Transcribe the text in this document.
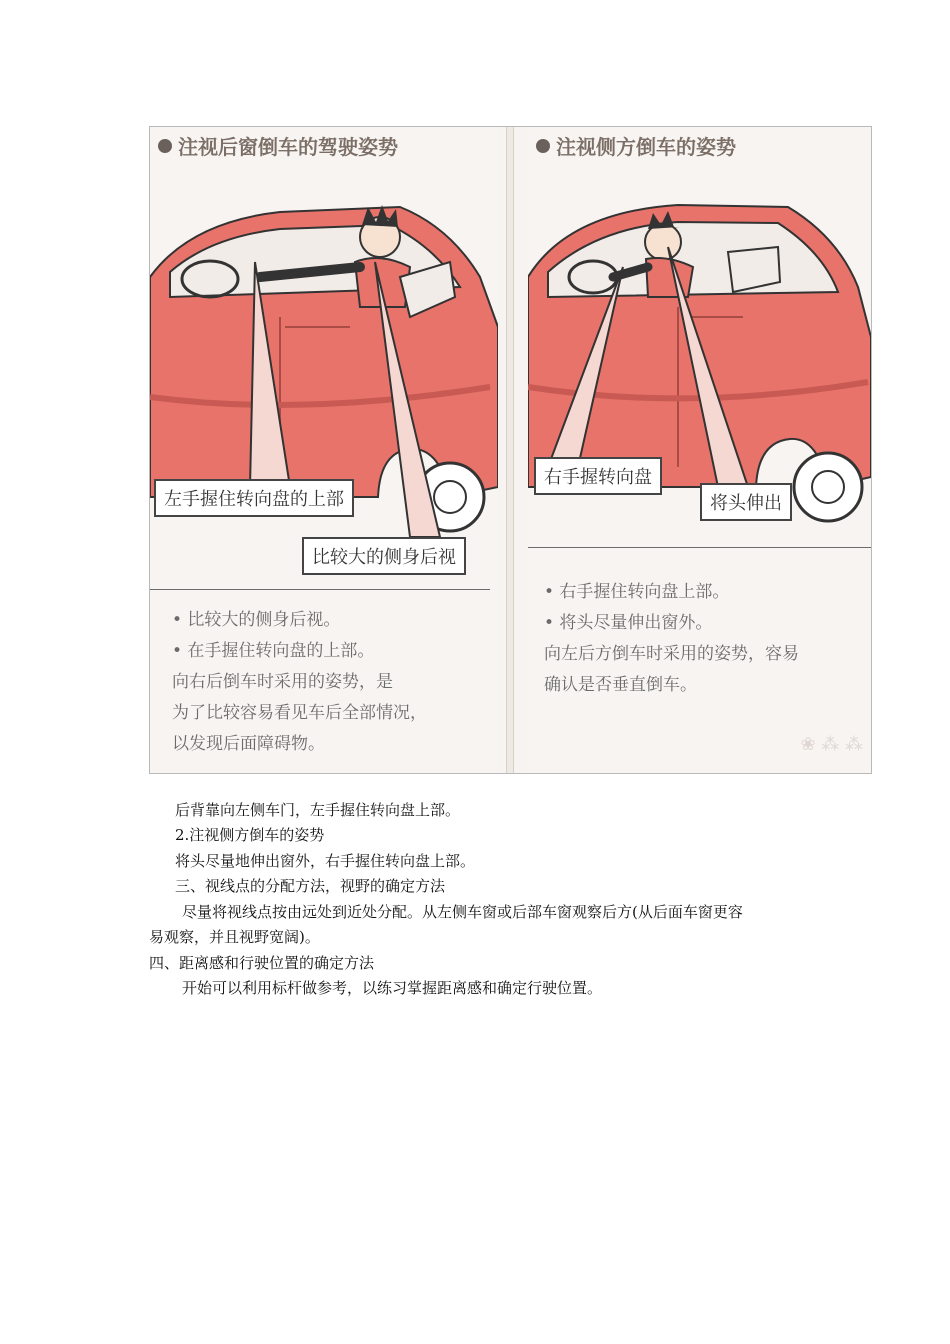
注视后窗倒车的驾驶姿势
左手握住转向盘的上部
比较大的侧身后视
• 比较大的侧身后视。
• 在手握住转向盘的上部。
向右后倒车时采用的姿势，是
为了比较容易看见车后全部情况，
以发现后面障碍物。
注视侧方倒车的姿势
右手握转向盘
将头伸出
• 右手握住转向盘上部。
• 将头尽量伸出窗外。
向左后方倒车时采用的姿势，容易
确认是否垂直倒车。
❀ ⁂ ⁂
后背靠向左侧车门，左手握住转向盘上部。
2.注视侧方倒车的姿势
将头尽量地伸出窗外，右手握住转向盘上部。
三、视线点的分配方法，视野的确定方法
尽量将视线点按由远处到近处分配。从左侧车窗或后部车窗观察后方(从后面车窗更容
易观察，并且视野宽阔)。
四、距离感和行驶位置的确定方法
开始可以利用标杆做参考，以练习掌握距离感和确定行驶位置。
